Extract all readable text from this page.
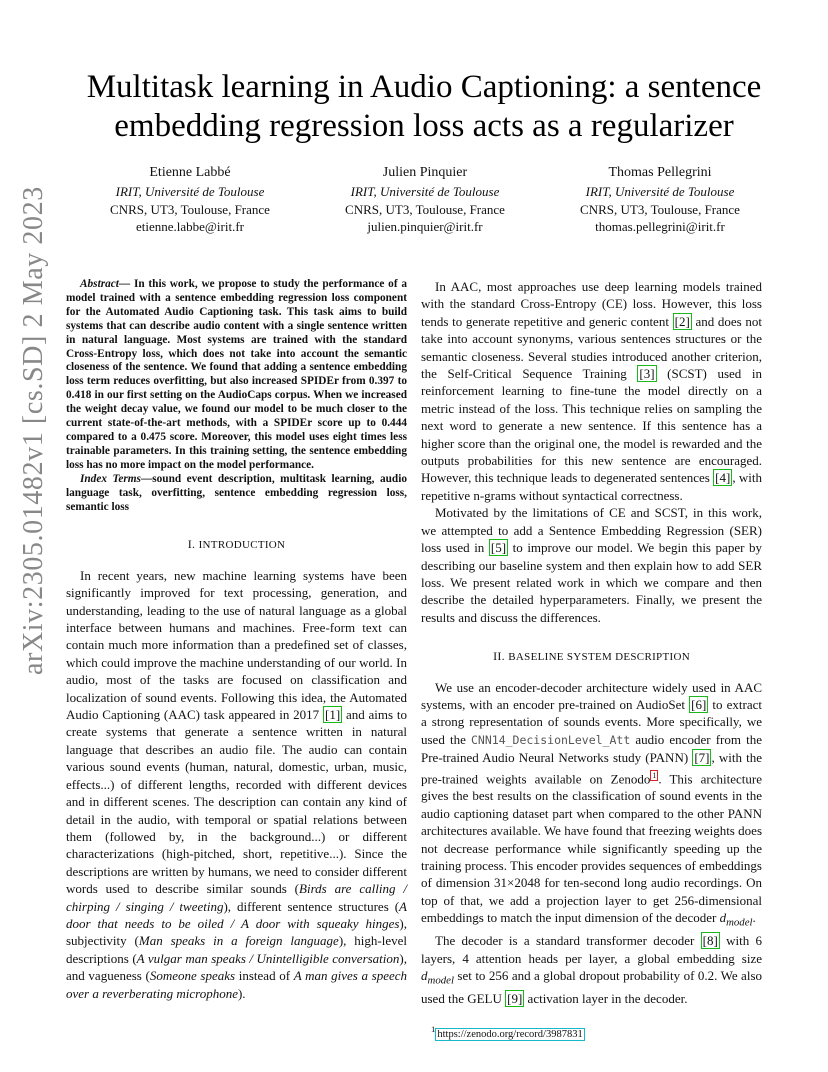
arXiv:2305.01482v1 [cs.SD] 2 May 2023
Multitask learning in Audio Captioning: a sentence embedding regression loss acts as a regularizer
Etienne Labbé
IRIT, Université de Toulouse
CNRS, UT3, Toulouse, France
etienne.labbe@irit.fr
Julien Pinquier
IRIT, Université de Toulouse
CNRS, UT3, Toulouse, France
julien.pinquier@irit.fr
Thomas Pellegrini
IRIT, Université de Toulouse
CNRS, UT3, Toulouse, France
thomas.pellegrini@irit.fr

Abstract— In this work, we propose to study the performance of a model trained with a sentence embedding regression loss component for the Automated Audio Captioning task. This task aims to build systems that can describe audio content with a single sentence written in natural language. Most systems are trained with the standard Cross-Entropy loss, which does not take into account the semantic closeness of the sentence. We found that adding a sentence embedding loss term reduces overfitting, but also increased SPIDEr from 0.397 to 0.418 in our first setting on the AudioCaps corpus. When we increased the weight decay value, we found our model to be much closer to the current state-of-the-art methods, with a SPIDEr score up to 0.444 compared to a 0.475 score. Moreover, this model uses eight times less trainable parameters. In this training setting, the sentence embedding loss has no more impact on the model performance.

Index Terms—sound event description, multitask learning, audio language task, overfitting, sentence embedding regression loss, semantic loss

I. INTRODUCTION

In recent years, new machine learning systems have been significantly improved for text processing, generation, and understanding, leading to the use of natural language as a global interface between humans and machines. Free-form text can contain much more information than a predefined set of classes, which could improve the machine understanding of our world. In audio, most of the tasks are focused on classification and localization of sound events. Following this idea, the Automated Audio Captioning (AAC) task appeared in 2017 [1] and aims to create systems that generate a sentence written in natural language that describes an audio file. The audio can contain various sound events (human, natural, domestic, urban, music, effects...) of different lengths, recorded with different devices and in different scenes. The description can contain any kind of detail in the audio, with temporal or spatial relations between them (followed by, in the background...) or different characterizations (high-pitched, short, repetitive...). Since the descriptions are written by humans, we need to consider different words used to describe similar sounds (Birds are calling / chirping / singing / tweeting), different sentence structures (A door that needs to be oiled / A door with squeaky hinges), subjectivity (Man speaks in a foreign language), high-level descriptions (A vulgar man speaks / Unintelligible conversation), and vagueness (Someone speaks instead of A man gives a speech over a reverberating microphone).

In AAC, most approaches use deep learning models trained with the standard Cross-Entropy (CE) loss. However, this loss tends to generate repetitive and generic content [2] and does not take into account synonyms, various sentences structures or the semantic closeness. Several studies introduced another criterion, the Self-Critical Sequence Training [3] (SCST) used in reinforcement learning to fine-tune the model directly on a metric instead of the loss. This technique relies on sampling the next word to generate a new sentence. If this sentence has a higher score than the original one, the model is rewarded and the outputs probabilities for this new sentence are encouraged. However, this technique leads to degenerated sentences [4] , with repetitive n-grams without syntactical correctness.

Motivated by the limitations of CE and SCST, in this work, we attempted to add a Sentence Embedding Regression (SER) loss used in [5] to improve our model. We begin this paper by describing our baseline system and then explain how to add SER loss. We present related work in which we compare and then describe the detailed hyperparameters. Finally, we present the results and discuss the differences.

II. BASELINE SYSTEM DESCRIPTION

We use an encoder-decoder architecture widely used in AAC systems, with an encoder pre-trained on AudioSet [6] to extract a strong representation of sounds events. More specifically, we used the CNN14_DecisionLevel_Att audio encoder from the Pre-trained Audio Neural Networks study (PANN) [7] , with the pre-trained weights available on Zenodo $^1$ . This architecture gives the best results on the classification of sound events in the audio captioning dataset part when compared to the other PANN architectures available. We have found that freezing weights does not decrease performance while significantly speeding up the training process. This encoder provides sequences of embeddings of dimension 31×2048 for ten-second long audio recordings. On top of that, we add a projection layer to get 256-dimensional embeddings to match the input dimension of the decoder $d_{model}$.

The decoder is a standard transformer decoder [8] with 6 layers, 4 attention heads per layer, a global embedding size $d_{model}$ set to 256 and a global dropout probability of 0.2. We also used the GELU [9] activation layer in the decoder.

$^1$ https://zenodo.org/record/3987831
